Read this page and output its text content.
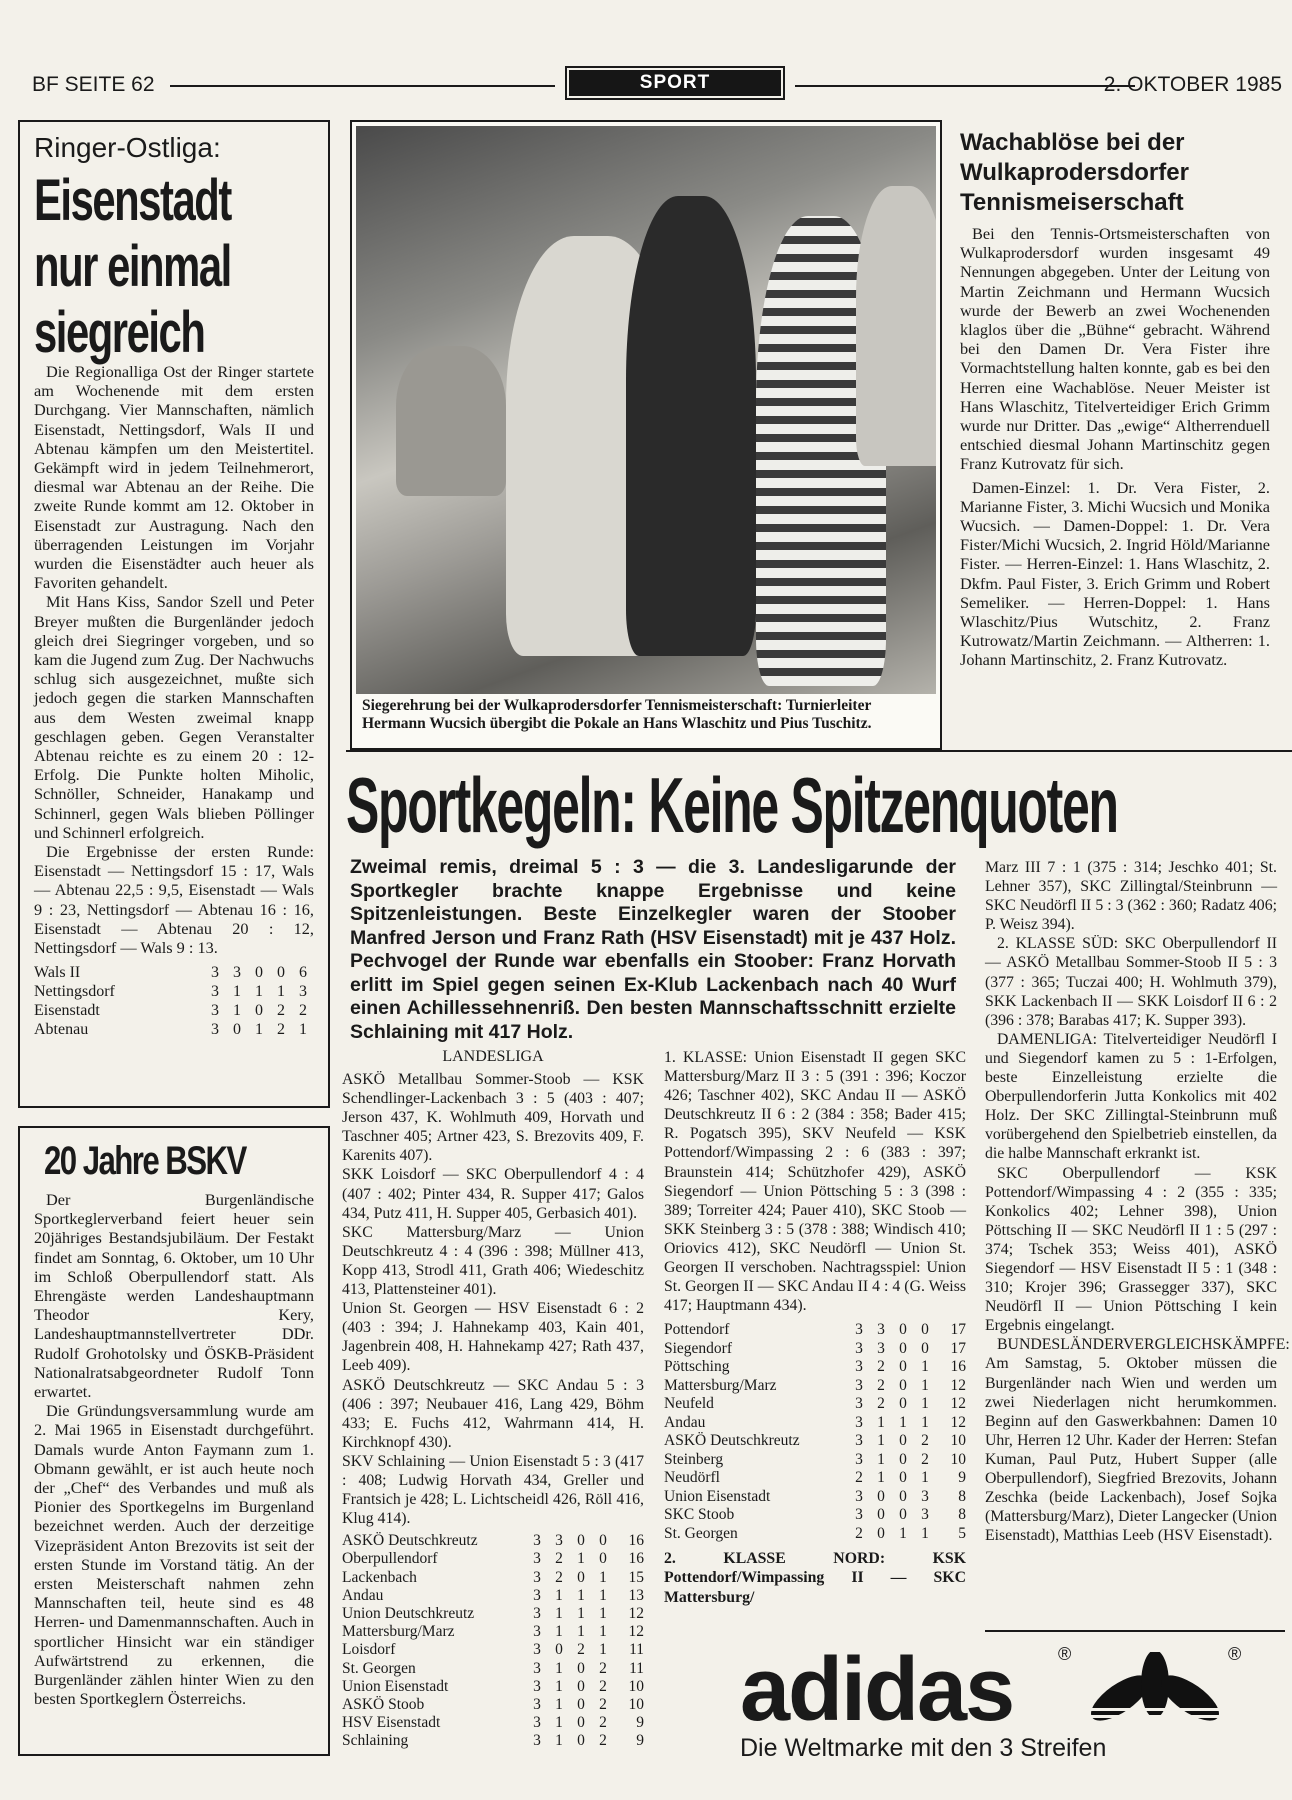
BF SEITE 62	SPORT	2. OKTOBER 1985
Ringer-Ostliga:
Eisenstadt
nur einmal
siegreich

Die Regionalliga Ost der Ringer startete am Wochenende mit dem ersten Durchgang. Vier Mannschaften, nämlich Eisenstadt, Nettingsdorf, Wals II und Abtenau kämpfen um den Meistertitel. Gekämpft wird in jedem Teilnehmerort, diesmal war Abtenau an der Reihe. Die zweite Runde kommt am 12. Oktober in Eisenstadt zur Austragung. Nach den überragenden Leistungen im Vorjahr wurden die Eisenstädter auch heuer als Favoriten gehandelt.

Mit Hans Kiss, Sandor Szell und Peter Breyer mußten die Burgenländer jedoch gleich drei Siegringer vorgeben, und so kam die Jugend zum Zug. Der Nachwuchs schlug sich ausgezeichnet, mußte sich jedoch gegen die starken Mannschaften aus dem Westen zweimal knapp geschlagen geben. Gegen Veranstalter Abtenau reichte es zu einem 20 : 12-Erfolg. Die Punkte holten Miholic, Schnöller, Schneider, Hanakamp und Schinnerl, gegen Wals blieben Pöllinger und Schinnerl erfolgreich.

Die Ergebnisse der ersten Runde: Eisenstadt — Nettingsdorf 15 : 17, Wals — Abtenau 22,5 : 9,5, Eisenstadt — Wals 9 : 23, Nettingsdorf — Abtenau 16 : 16, Eisenstadt — Abtenau 20 : 12, Nettingsdorf — Wals 9 : 13.

Wals II	3	3	0	0	6
Nettingsdorf	3	1	1	1	3
Eisenstadt	3	1	0	2	2
Abtenau	3	0	1	2	1
20 Jahre BSKV

Der Burgenländische Sportkeglerverband feiert heuer sein 20jähriges Bestandsjubiläum. Der Festakt findet am Sonntag, 6. Oktober, um 10 Uhr im Schloß Oberpullendorf statt. Als Ehrengäste werden Landeshauptmann Theodor Kery, Landeshauptmannstellvertreter DDr. Rudolf Grohotolsky und ÖSKB-Präsident Nationalratsabgeordneter Rudolf Tonn erwartet.

Die Gründungsversammlung wurde am 2. Mai 1965 in Eisenstadt durchgeführt. Damals wurde Anton Faymann zum 1. Obmann gewählt, er ist auch heute noch der „Chef“ des Verbandes und muß als Pionier des Sportkegelns im Burgenland bezeichnet werden. Auch der derzeitige Vizepräsident Anton Brezovits ist seit der ersten Stunde im Vorstand tätig. An der ersten Meisterschaft nahmen zehn Mannschaften teil, heute sind es 48 Herren- und Damenmannschaften. Auch in sportlicher Hinsicht war ein ständiger Aufwärtstrend zu erkennen, die Burgenländer zählen hinter Wien zu den besten Sportkeglern Österreichs.

Siegerehrung bei der Wulkaprodersdorfer Tennismeisterschaft: Turnierleiter Hermann Wucsich übergibt die Pokale an Hans Wlaschitz und Pius Tuschitz.
Wachablöse bei der Wulkaprodersdorfer Tennismeiserschaft

Bei den Tennis-Ortsmeisterschaften von Wulkaprodersdorf wurden insgesamt 49 Nennungen abgegeben. Unter der Leitung von Martin Zeichmann und Hermann Wucsich wurde der Bewerb an zwei Wochenenden klaglos über die „Bühne“ gebracht. Während bei den Damen Dr. Vera Fister ihre Vormachtstellung halten konnte, gab es bei den Herren eine Wachablöse. Neuer Meister ist Hans Wlaschitz, Titelverteidiger Erich Grimm wurde nur Dritter. Das „ewige“ Altherrenduell entschied diesmal Johann Martinschitz gegen Franz Kutrovatz für sich.

Damen-Einzel: 1. Dr. Vera Fister, 2. Marianne Fister, 3. Michi Wucsich und Monika Wucsich. — Damen-Doppel: 1. Dr. Vera Fister/Michi Wucsich, 2. Ingrid Höld/Marianne Fister. — Herren-Einzel: 1. Hans Wlaschitz, 2. Dkfm. Paul Fister, 3. Erich Grimm und Robert Semeliker. — Herren-Doppel: 1. Hans Wlaschitz/Pius Wutschitz, 2. Franz Kutrowatz/Martin Zeichmann. — Altherren: 1. Johann Martinschitz, 2. Franz Kutrovatz.

Sportkegeln: Keine Spitzenquoten
Zweimal remis, dreimal 5 : 3 — die 3. Landesligarunde der Sportkegler brachte knappe Ergebnisse und keine Spitzenleistungen. Beste Einzelkegler waren der Stoober Manfred Jerson und Franz Rath (HSV Eisenstadt) mit je 437 Holz. Pechvogel der Runde war ebenfalls ein Stoober: Franz Horvath erlitt im Spiel gegen seinen Ex-Klub Lackenbach nach 40 Wurf einen Achillessehnenriß. Den besten Mannschaftsschnitt erzielte Schlaining mit 417 Holz.
LANDESLIGA

ASKÖ Metallbau Sommer-Stoob — KSK Schendlinger-Lackenbach 3 : 5 (403 : 407; Jerson 437, K. Wohlmuth 409, Horvath und Taschner 405; Artner 423, S. Brezovits 409, F. Karenits 407).

SKK Loisdorf — SKC Oberpullendorf 4 : 4 (407 : 402; Pinter 434, R. Supper 417; Galos 434, Putz 411, H. Supper 405, Gerbasich 401).

SKC Mattersburg/Marz — Union Deutschkreutz 4 : 4 (396 : 398; Müllner 413, Kopp 413, Strodl 411, Grath 406; Wiedeschitz 413, Plattensteiner 401).

Union St. Georgen — HSV Eisenstadt 6 : 2 (403 : 394; J. Hahnekamp 403, Kain 401, Jagenbrein 408, H. Hahnekamp 427; Rath 437, Leeb 409).

ASKÖ Deutschkreutz — SKC Andau 5 : 3 (406 : 397; Neubauer 416, Lang 429, Böhm 433; E. Fuchs 412, Wahrmann 414, H. Kirchknopf 430).

SKV Schlaining — Union Eisenstadt 5 : 3 (417 : 408; Ludwig Horvath 434, Greller und Frantsich je 428; L. Lichtscheidl 426, Röll 416, Klug 414).

ASKÖ Deutschkreutz	3	3	0	0	16
Oberpullendorf	3	2	1	0	16
Lackenbach	3	2	0	1	15
Andau	3	1	1	1	13
Union Deutschkreutz	3	1	1	1	12
Mattersburg/Marz	3	1	1	1	12
Loisdorf	3	0	2	1	11
St. Georgen	3	1	0	2	11
Union Eisenstadt	3	1	0	2	10
ASKÖ Stoob	3	1	0	2	10
HSV Eisenstadt	3	1	0	2	9
Schlaining	3	1	0	2	9

1. KLASSE: Union Eisenstadt II gegen SKC Mattersburg/Marz II 3 : 5 (391 : 396; Koczor 426; Taschner 402), SKC Andau II — ASKÖ Deutschkreutz II 6 : 2 (384 : 358; Bader 415; R. Pogatsch 395), SKV Neufeld — KSK Pottendorf/Wimpassing 2 : 6 (383 : 397; Braunstein 414; Schützhofer 429), ASKÖ Siegendorf — Union Pöttsching 5 : 3 (398 : 389; Torreiter 424; Pauer 410), SKC Stoob — SKK Steinberg 3 : 5 (378 : 388; Windisch 410; Oriovics 412), SKC Neudörfl — Union St. Georgen II verschoben. Nachtragsspiel: Union St. Georgen II — SKC Andau II 4 : 4 (G. Weiss 417; Hauptmann 434).

Pottendorf	3	3	0	0	17
Siegendorf	3	3	0	0	17
Pöttsching	3	2	0	1	16
Mattersburg/Marz	3	2	0	1	12
Neufeld	3	2	0	1	12
Andau	3	1	1	1	12
ASKÖ Deutschkreutz	3	1	0	2	10
Steinberg	3	1	0	2	10
Neudörfl	2	1	0	1	9
Union Eisenstadt	3	0	0	3	8
SKC Stoob	3	0	0	3	8
St. Georgen	2	0	1	1	5

2. KLASSE NORD: KSK Pottendorf/Wimpassing II — SKC Mattersburg/

Marz III 7 : 1 (375 : 314; Jeschko 401; St. Lehner 357), SKC Zillingtal/Steinbrunn — SKC Neudörfl II 5 : 3 (362 : 360; Radatz 406; P. Weisz 394).

2. KLASSE SÜD: SKC Oberpullendorf II — ASKÖ Metallbau Sommer-Stoob II 5 : 3 (377 : 365; Tuczai 400; H. Wohlmuth 379), SKK Lackenbach II — SKK Loisdorf II 6 : 2 (396 : 378; Barabas 417; K. Supper 393).

DAMENLIGA: Titelverteidiger Neudörfl I und Siegendorf kamen zu 5 : 1-Erfolgen, beste Einzelleistung erzielte die Oberpullendorferin Jutta Konkolics mit 402 Holz. Der SKC Zillingtal-Steinbrunn muß vorübergehend den Spielbetrieb einstellen, da die halbe Mannschaft erkrankt ist.

SKC Oberpullendorf — KSK Pottendorf/Wimpassing 4 : 2 (355 : 335; Konkolics 402; Lehner 398), Union Pöttsching II — SKC Neudörfl II 1 : 5 (297 : 374; Tschek 353; Weiss 401), ASKÖ Siegendorf — HSV Eisenstadt II 5 : 1 (348 : 310; Krojer 396; Grassegger 337), SKC Neudörfl II — Union Pöttsching I kein Ergebnis eingelangt.

BUNDESLÄNDERVERGLEICHSKÄMPFE: Am Samstag, 5. Oktober müssen die Burgenländer nach Wien und werden um zwei Niederlagen nicht herumkommen. Beginn auf den Gaswerkbahnen: Damen 10 Uhr, Herren 12 Uhr. Kader der Herren: Stefan Kuman, Paul Putz, Hubert Supper (alle Oberpullendorf), Siegfried Brezovits, Johann Zeschka (beide Lackenbach), Josef Sojka (Mattersburg/Marz), Dieter Langecker (Union Eisenstadt), Matthias Leeb (HSV Eisenstadt).

adidas ®	®
Die Weltmarke mit den 3 Streifen
